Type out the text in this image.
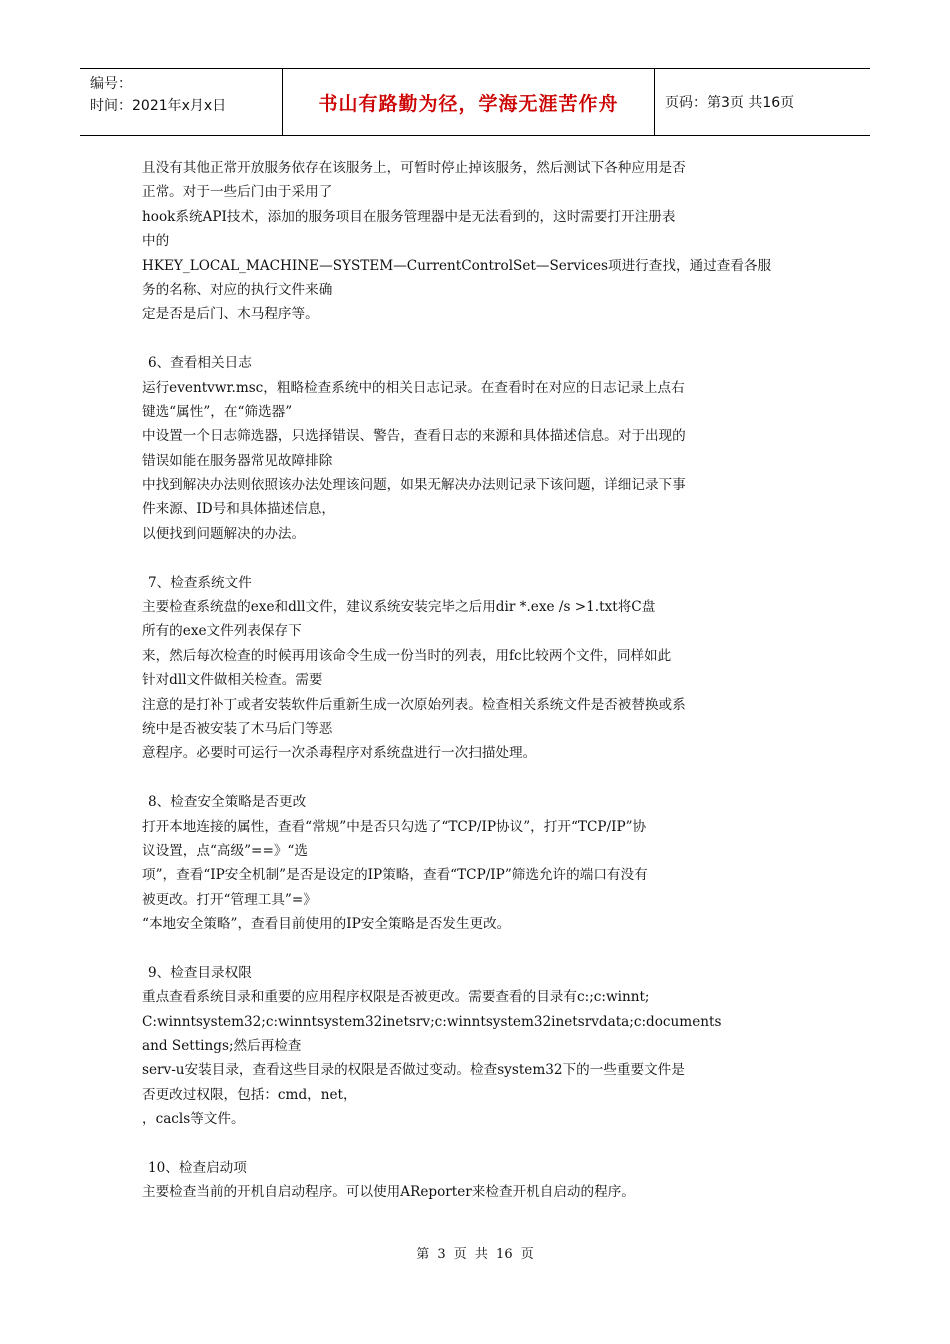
编号：
时间：2021年x月x日	书山有路勤为径，学海无涯苦作舟	页码：第3页 共16页
且没有其他正常开放服务依存在该服务上，可暂时停止掉该服务，然后测试下各种应用是否
正常。对于一些后门由于采用了
hook系统API技术，添加的服务项目在服务管理器中是无法看到的，这时需要打开注册表
中的
HKEY_LOCAL_MACHINE—SYSTEM—CurrentControlSet—Services项进行查找，通过查看各服
务的名称、对应的执行文件来确
定是否是后门、木马程序等。
6、查看相关日志
运行eventvwr.msc，粗略检查系统中的相关日志记录。在查看时在对应的日志记录上点右
键选“属性”，在“筛选器”
中设置一个日志筛选器，只选择错误、警告，查看日志的来源和具体描述信息。对于出现的
错误如能在服务器常见故障排除
中找到解决办法则依照该办法处理该问题，如果无解决办法则记录下该问题，详细记录下事
件来源、ID号和具体描述信息，
以便找到问题解决的办法。
7、检查系统文件
主要检查系统盘的exe和dll文件，建议系统安装完毕之后用dir *.exe /s >1.txt将C盘
所有的exe文件列表保存下
来，然后每次检查的时候再用该命令生成一份当时的列表，用fc比较两个文件，同样如此
针对dll文件做相关检查。需要
注意的是打补丁或者安装软件后重新生成一次原始列表。检查相关系统文件是否被替换或系
统中是否被安装了木马后门等恶
意程序。必要时可运行一次杀毒程序对系统盘进行一次扫描处理。
8、检查安全策略是否更改
打开本地连接的属性，查看“常规”中是否只勾选了“TCP/IP协议”，打开“TCP/IP”协
议设置，点“高级”==》“选
项”，查看“IP安全机制”是否是设定的IP策略，查看“TCP/IP”筛选允许的端口有没有
被更改。打开“管理工具”=》
“本地安全策略”，查看目前使用的IP安全策略是否发生更改。
9、检查目录权限
重点查看系统目录和重要的应用程序权限是否被更改。需要查看的目录有c:;c:winnt;
C:winntsystem32;c:winntsystem32inetsrv;c:winntsystem32inetsrvdata;c:documents
and Settings;然后再检查
serv-u安装目录，查看这些目录的权限是否做过变动。检查system32下的一些重要文件是
否更改过权限，包括：cmd，net，
，cacls等文件。
10、检查启动项
主要检查当前的开机自启动程序。可以使用AReporter来检查开机自启动的程序。
第 3 页 共 16 页
